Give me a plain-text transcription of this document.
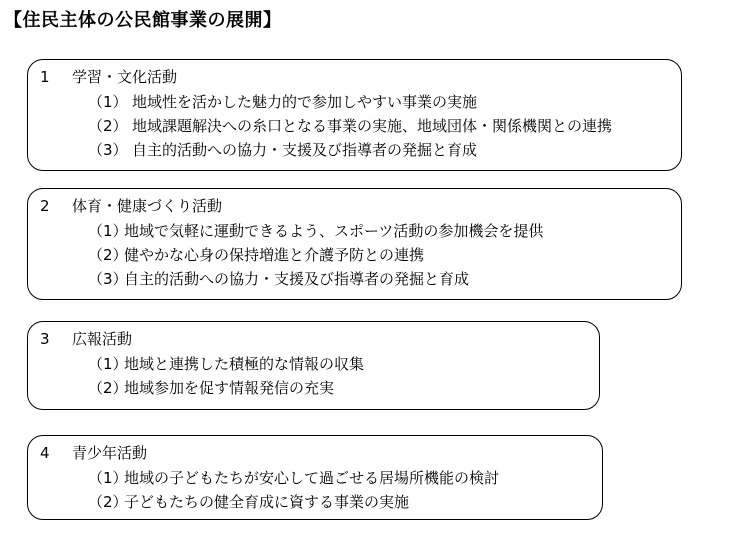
【住民主体の公民館事業の展開】
1 学習・文化活動
（1） 地域性を活かした魅力的で参加しやすい事業の実施
（2） 地域課題解決への糸口となる事業の実施、地域団体・関係機関との連携
（3） 自主的活動への協力・支援及び指導者の発掘と育成
2 体育・健康づくり活動
（1）地域で気軽に運動できるよう、スポーツ活動の参加機会を提供
（2）健やかな心身の保持増進と介護予防との連携
（3）自主的活動への協力・支援及び指導者の発掘と育成
3 広報活動
（1）地域と連携した積極的な情報の収集
（2）地域参加を促す情報発信の充実
4 青少年活動
（1）地域の子どもたちが安心して過ごせる居場所機能の検討
（2）子どもたちの健全育成に資する事業の実施
